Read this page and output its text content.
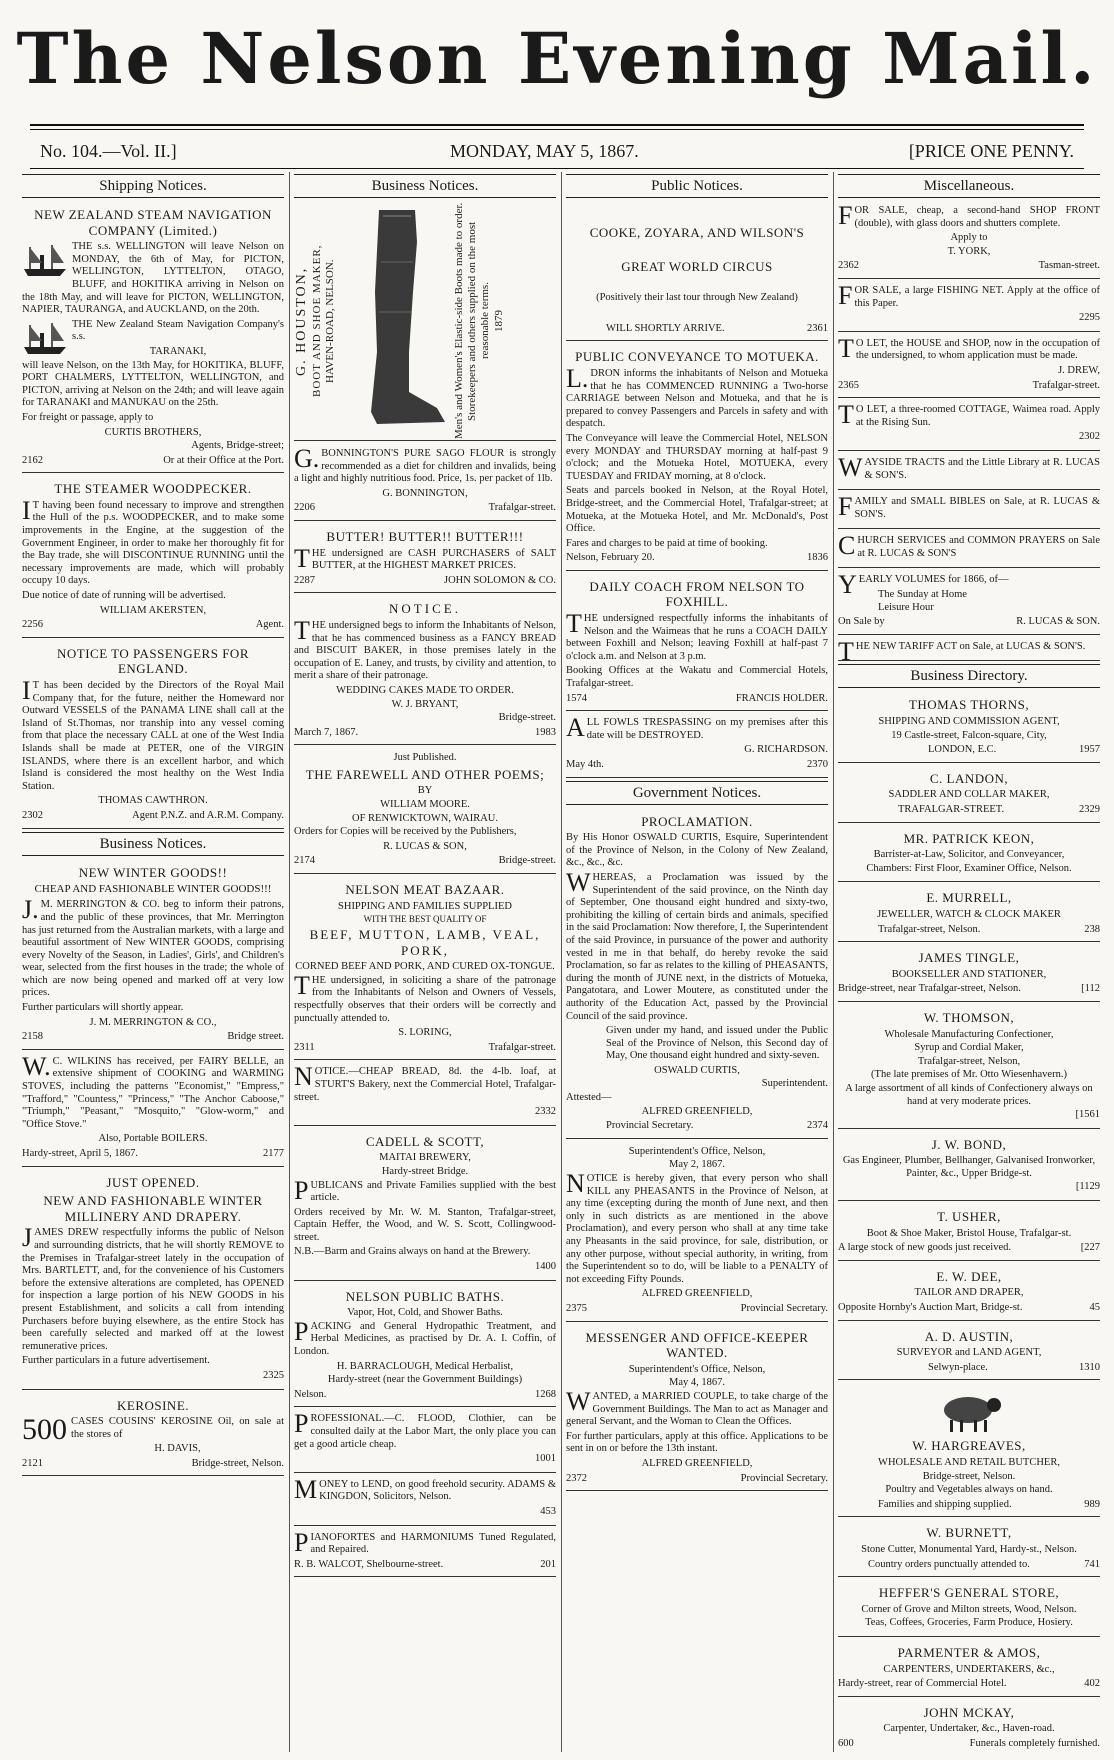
The Nelson Evening Mail.
No. 104.—Vol. II.]	MONDAY, MAY 5, 1867.	[PRICE ONE PENNY.
Shipping Notices.
NEW ZEALAND STEAM NAVIGATION COMPANY (Limited.)

THE s.s. WELLINGTON will leave Nelson on MONDAY, the 6th of May, for PICTON, WELLINGTON, LYTTELTON, OTAGO, BLUFF, and HOKITIKA arriving in Nelson on the 18th May, and will leave for PICTON, WELLINGTON, NAPIER, TAURANGA, and AUCKLAND, on the 20th.

THE New Zealand Steam Navigation Company's s.s.

TARANAKI,

will leave Nelson, on the 13th May, for HOKITIKA, BLUFF, PORT CHALMERS, LYTTELTON, WELLINGTON, and PICTON, arriving at Nelson on the 24th; and will leave again for TARANAKI and MANUKAU on the 25th.

For freight or passage, apply to

CURTIS BROTHERS,
Agents, Bridge-street;
2162	Or at their Office at the Port.
THE STEAMER WOODPECKER.

IT having been found necessary to improve and strengthen the Hull of the p.s. WOODPECKER, and to make some improvements in the Engine, at the suggestion of the Government Engineer, in order to make her thoroughly fit for the Bay trade, she will DISCONTINUE RUNNING until the necessary improvements are made, which will probably occupy 10 days.

Due notice of date of running will be advertised.

WILLIAM AKERSTEN,
2256	Agent.
NOTICE TO PASSENGERS FOR ENGLAND.

IT has been decided by the Directors of the Royal Mail Company that, for the future, neither the Homeward nor Outward VESSELS of the PANAMA LINE shall call at the Island of St.Thomas, nor tranship into any vessel coming from that place the necessary CALL at one of the West India Islands shall be made at PETER, one of the VIRGIN ISLANDS, where there is an excellent harbor, and which Island is considered the most healthy on the West India Station.

THOMAS CAWTHRON.
2302	Agent P.N.Z. and A.R.M. Company.
Business Notices.
NEW WINTER GOODS!!
CHEAP AND FASHIONABLE WINTER GOODS!!!

J.M. MERRINGTON & CO. beg to inform their patrons, and the public of these provinces, that Mr. Merrington has just returned from the Australian markets, with a large and beautiful assortment of New WINTER GOODS, comprising every Novelty of the Season, in Ladies', Girls', and Children's wear, selected from the first houses in the trade; the whole of which are now being opened and marked off at very low prices.

Further particulars will shortly appear.

J. M. MERRINGTON & CO.,
2158	Bridge street.

W.C. WILKINS has received, per FAIRY BELLE, an extensive shipment of COOKING and WARMING STOVES, including the patterns "Economist," "Empress," "Trafford," "Countess," "Princess," "The Anchor Caboose," "Triumph," "Peasant," "Mosquito," "Glow-worm," and "Office Stove."

Also, Portable BOILERS.
Hardy-street, April 5, 1867.	2177
JUST OPENED.
NEW AND FASHIONABLE WINTER MILLINERY AND DRAPERY.

JAMES DREW respectfully informs the public of Nelson and surrounding districts, that he will shortly REMOVE to the Premises in Trafalgar-street lately in the occupation of Mrs. BARTLETT, and, for the convenience of his Customers before the extensive alterations are completed, has OPENED for inspection a large portion of his NEW GOODS in his present Establishment, and solicits a call from intending Purchasers before buying elsewhere, as the entire Stock has been carefully selected and marked off at the lowest remunerative prices.

Further particulars in a future advertisement.

2325
KEROSINE.
500 CASES COUSINS' KEROSINE Oil, on sale at the stores of

H. DAVIS,
2121	Bridge-street, Nelson.
Business Notices.
G. HOUSTON, BOOT AND SHOE MAKER, HAVEN-ROAD, NELSON.	Men's and Women's Elastic-side Boots made to order. Storekeepers and others supplied on the most reasonable terms. 1879

G.BONNINGTON'S PURE SAGO FLOUR is strongly recommended as a diet for children and invalids, being a light and highly nutritious food. Price, 1s. per packet of 1lb.

G. BONNINGTON,
2206	Trafalgar-street.
BUTTER! BUTTER!! BUTTER!!!

THE undersigned are CASH PURCHASERS of SALT BUTTER, at the HIGHEST MARKET PRICES.

2287	JOHN SOLOMON & CO.
NOTICE.

THE undersigned begs to inform the Inhabitants of Nelson, that he has commenced business as a FANCY BREAD and BISCUIT BAKER, in those premises lately in the occupation of E. Laney, and trusts, by civility and attention, to merit a share of their patronage.

WEDDING CAKES MADE TO ORDER.
W. J. BRYANT,
Bridge-street.
March 7, 1867.	1983
Just Published.
THE FAREWELL AND OTHER POEMS;
BY
WILLIAM MOORE.
OF RENWICKTOWN, WAIRAU.

Orders for Copies will be received by the Publishers,

R. LUCAS & SON,
2174	Bridge-street.
NELSON MEAT BAZAAR.
SHIPPING AND FAMILIES SUPPLIED
WITH THE BEST QUALITY OF
BEEF, MUTTON, LAMB, VEAL, PORK,
CORNED BEEF AND PORK, AND CURED OX-TONGUE.

THE undersigned, in soliciting a share of the patronage from the Inhabitants of Nelson and Owners of Vessels, respectfully observes that their orders will be correctly and punctually attended to.

S. LORING,
2311	Trafalgar-street.

NOTICE.—CHEAP BREAD, 8d. the 4-lb. loaf, at STURT'S Bakery, next the Commercial Hotel, Trafalgar-street.

2332
CADELL & SCOTT,
MAITAI BREWERY,
Hardy-street Bridge.

PUBLICANS and Private Families supplied with the best article.

Orders received by Mr. W. M. Stanton, Trafalgar-street, Captain Heffer, the Wood, and W. S. Scott, Collingwood-street.

N.B.—Barm and Grains always on hand at the Brewery.

1400
NELSON PUBLIC BATHS.
Vapor, Hot, Cold, and Shower Baths.

PACKING and General Hydropathic Treatment, and Herbal Medicines, as practised by Dr. A. I. Coffin, of London.

H. BARRACLOUGH, Medical Herbalist,
Hardy-street (near the Government Buildings)
Nelson.	1268

PROFESSIONAL.—C. FLOOD, Clothier, can be consulted daily at the Labor Mart, the only place you can get a good article cheap.

1001

MONEY to LEND, on good freehold security. ADAMS & KINGDON, Solicitors, Nelson.

453

PIANOFORTES and HARMONIUMS Tuned Regulated, and Repaired.

R. B. WALCOT, Shelbourne-street.	201
Public Notices.
COOKE, ZOYARA, AND WILSON'S
GREAT WORLD CIRCUS
(Positively their last tour through New Zealand)
WILL SHORTLY ARRIVE.	2361
PUBLIC CONVEYANCE TO MOTUEKA.

L.DRON informs the inhabitants of Nelson and Motueka that he has COMMENCED RUNNING a Two-horse CARRIAGE between Nelson and Motueka, and that he is prepared to convey Passengers and Parcels in safety and with despatch.

The Conveyance will leave the Commercial Hotel, NELSON every MONDAY and THURSDAY morning at half-past 9 o'clock; and the Motueka Hotel, MOTUEKA, every TUESDAY and FRIDAY morning, at 8 o'clock.

Seats and parcels booked in Nelson, at the Royal Hotel, Bridge-street, and the Commercial Hotel, Trafalgar-street; at Motueka, at the Motueka Hotel, and Mr. McDonald's, Post Office.

Fares and charges to be paid at time of booking.

Nelson, February 20.	1836
DAILY COACH FROM NELSON TO FOXHILL.

THE undersigned respectfully informs the inhabitants of Nelson and the Waimeas that he runs a COACH DAILY between Foxhill and Nelson; leaving Foxhill at half-past 7 o'clock a.m. and Nelson at 3 p.m.

Booking Offices at the Wakatu and Commercial Hotels, Trafalgar-street.

1574	FRANCIS HOLDER.

ALL FOWLS TRESPASSING on my premises after this date will be DESTROYED.

G. RICHARDSON.
May 4th.	2370
Government Notices.
PROCLAMATION.

By His Honor OSWALD CURTIS, Esquire, Superintendent of the Province of Nelson, in the Colony of New Zealand, &c., &c., &c.

WHEREAS, a Proclamation was issued by the Superintendent of the said province, on the Ninth day of September, One thousand eight hundred and sixty-two, prohibiting the killing of certain birds and animals, specified in the said Proclamation: Now therefore, I, the Superintendent of the said Province, in pursuance of the power and authority vested in me in that behalf, do hereby revoke the said Proclamation, so far as relates to the killing of PHEASANTS, during the month of JUNE next, in the districts of Motueka, Pangatotara, and Lower Moutere, as constituted under the authority of the Education Act, passed by the Provincial Council of the said province.

Given under my hand, and issued under the Public Seal of the Province of Nelson, this Second day of May, One thousand eight hundred and sixty-seven.

OSWALD CURTIS,
Superintendent.
Attested—
ALFRED GREENFIELD,
Provincial Secretary.	2374
Superintendent's Office, Nelson,
May 2, 1867.

NOTICE is hereby given, that every person who shall KILL any PHEASANTS in the Province of Nelson, at any time (excepting during the month of June next, and then only in such districts as are mentioned in the above Proclamation), and every person who shall at any time take any Pheasants in the said province, for sale, distribution, or any other purpose, without special authority, in writing, from the Superintendent so to do, will be liable to a PENALTY of not exceeding Fifty Pounds.

ALFRED GREENFIELD,
2375	Provincial Secretary.
MESSENGER AND OFFICE-KEEPER WANTED.
Superintendent's Office, Nelson,
May 4, 1867.

WANTED, a MARRIED COUPLE, to take charge of the Government Buildings. The Man to act as Manager and general Servant, and the Woman to Clean the Offices.

For further particulars, apply at this office. Applications to be sent in on or before the 13th instant.

ALFRED GREENFIELD,
2372	Provincial Secretary.
Miscellaneous.

FOR SALE, cheap, a second-hand SHOP FRONT (double), with glass doors and shutters complete.

Apply to
T. YORK,
2362	Tasman-street.

FOR SALE, a large FISHING NET. Apply at the office of this Paper.

2295

TO LET, the HOUSE and SHOP, now in the occupation of the undersigned, to whom application must be made.

J. DREW,
2365	Trafalgar-street.

TO LET, a three-roomed COTTAGE, Waimea road. Apply at the Rising Sun.

2302

WAYSIDE TRACTS and the Little Library at R. LUCAS & SON'S.

FAMILY and SMALL BIBLES on Sale, at R. LUCAS & SON'S.

CHURCH SERVICES and COMMON PRAYERS on Sale at R. LUCAS & SON'S

YEARLY VOLUMES for 1866, of—

The Sunday at Home
Leisure Hour
On Sale by	R. LUCAS & SON.

THE NEW TARIFF ACT on Sale, at LUCAS & SON'S.

Business Directory.
THOMAS THORNS,
SHIPPING AND COMMISSION AGENT,
19 Castle-street, Falcon-square, City,
LONDON, E.C.	1957
C. LANDON,
SADDLER AND COLLAR MAKER,
TRAFALGAR-STREET.	2329
MR. PATRICK KEON,
Barrister-at-Law, Solicitor, and Conveyancer,
Chambers: First Floor, Examiner Office, Nelson.
E. MURRELL,
JEWELLER, WATCH & CLOCK MAKER
Trafalgar-street, Nelson.	238
JAMES TINGLE,
BOOKSELLER AND STATIONER,
Bridge-street, near Trafalgar-street, Nelson.	[112
W. THOMSON,
Wholesale Manufacturing Confectioner,
Syrup and Cordial Maker,
Trafalgar-street, Nelson,
(The late premises of Mr. Otto Wiesenhavern.)
A large assortment of all kinds of Confectionery always on hand at very moderate prices.
[1561
J. W. BOND,
Gas Engineer, Plumber, Bellhanger, Galvanised Ironworker, Painter, &c., Upper Bridge-st.
[1129
T. USHER,
Boot & Shoe Maker, Bristol House, Trafalgar-st.
A large stock of new goods just received.	[227
E. W. DEE,
TAILOR AND DRAPER,
Opposite Hornby's Auction Mart, Bridge-st.	45
A. D. AUSTIN,
SURVEYOR and LAND AGENT,
Selwyn-place.	1310
W. HARGREAVES,
WHOLESALE AND RETAIL BUTCHER,
Bridge-street, Nelson.
Poultry and Vegetables always on hand.
Families and shipping supplied.	989
W. BURNETT,
Stone Cutter, Monumental Yard, Hardy-st., Nelson.
Country orders punctually attended to.	741
HEFFER'S GENERAL STORE,
Corner of Grove and Milton streets, Wood, Nelson.
Teas, Coffees, Groceries, Farm Produce, Hosiery.
PARMENTER & AMOS,
CARPENTERS, UNDERTAKERS, &c.,
Hardy-street, rear of Commercial Hotel.	402
JOHN MCKAY,
Carpenter, Undertaker, &c., Haven-road.
600	Funerals completely furnished.
